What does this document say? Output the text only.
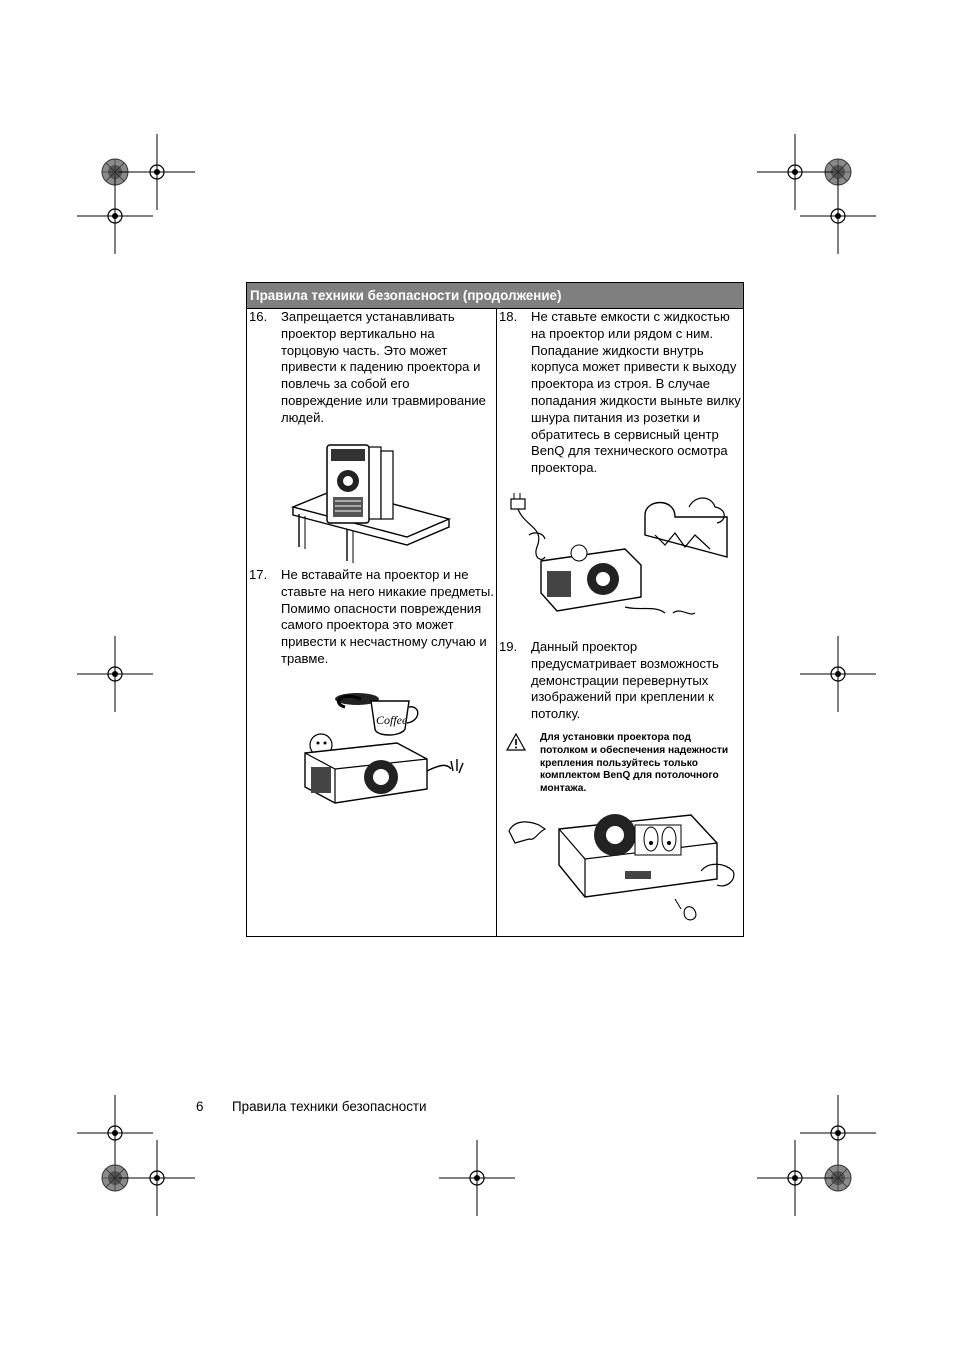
Правила техники безопасности (продолжение)
16. Запрещается устанавливать проектор вертикально на торцовую часть. Это может привести к падению проектора и повлечь за собой его повреждение или травмирование людей.
17. Не вставайте на проектор и не ставьте на него никакие предметы. Помимо опасности повреждения самого проектора это может привести к несчастному случаю и травме.
Coffee
18. Не ставьте емкости с жидкостью на проектор или рядом с ним. Попадание жидкости внутрь корпуса может привести к выходу проектора из строя. В случае попадания жидкости выньте вилку шнура питания из розетки и обратитесь в сервисный центр BenQ для технического осмотра проектора.
19. Данный проектор предусматривает возможность демонстрации перевернутых изображений при креплении к потолку.
Для установки проектора под потолком и обеспечения надежности крепления пользуйтесь только комплектом BenQ для потолочного монтажа.
6 Правила техники безопасности
